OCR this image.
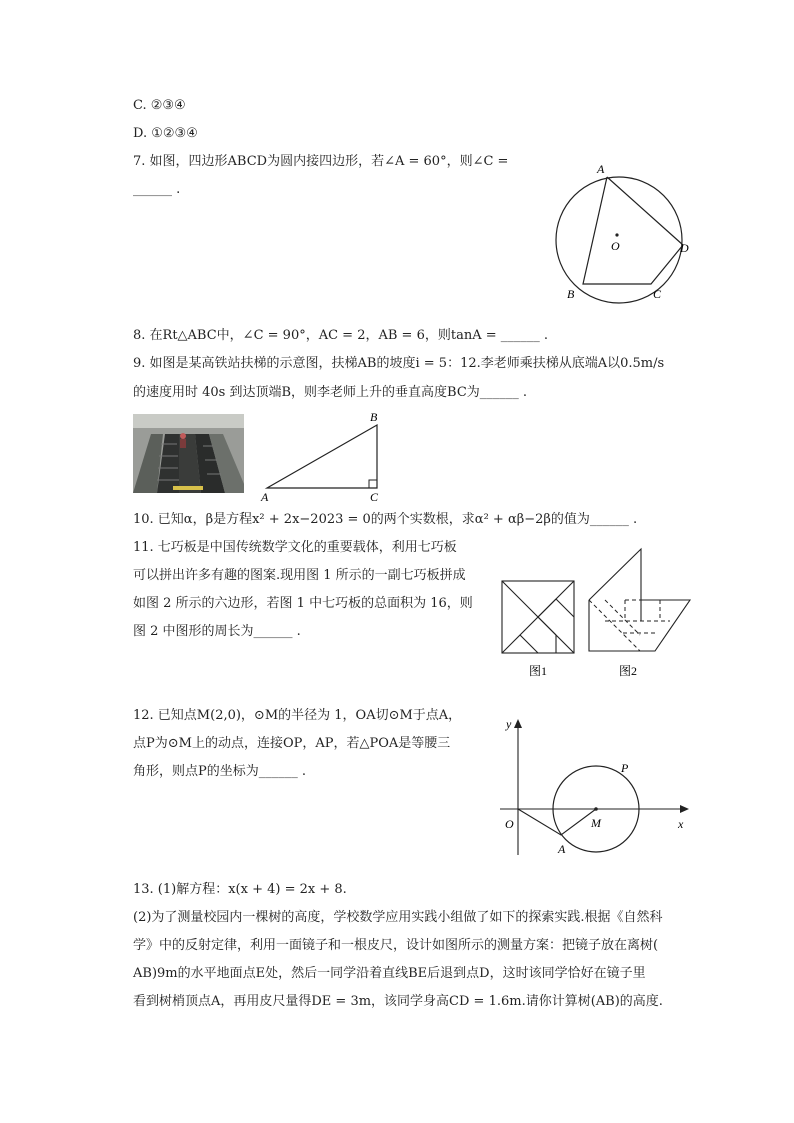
C. ②③④
D. ①②③④
7. 如图，四边形ABCD为圆内接四边形，若∠A = 60°，则∠C =
______ .
8. 在Rt△ABC中，∠C = 90°，AC = 2，AB = 6，则tanA = ______ .
9. 如图是某高铁站扶梯的示意图，扶梯AB的坡度i = 5：12.李老师乘扶梯从底端A以0.5m/s
的速度用时 40s 到达顶端B，则李老师上升的垂直高度BC为______ .
10. 已知α，β是方程x² + 2x−2023 = 0的两个实数根，求α² + αβ−2β的值为______ .
11. 七巧板是中国传统数学文化的重要载体，利用七巧板
可以拼出许多有趣的图案.现用图 1 所示的一副七巧板拼成
如图 2 所示的六边形，若图 1 中七巧板的总面积为 16，则
图 2 中图形的周长为______ .
12. 已知点M(2,0)，⊙M的半径为 1，OA切⊙M于点A，
点P为⊙M上的动点，连接OP，AP，若△POA是等腰三
角形，则点P的坐标为______ .
13. (1)解方程：x(x + 4) = 2x + 8.
(2)为了测量校园内一棵树的高度，学校数学应用实践小组做了如下的探索实践.根据《自然科
学》中的反射定律，利用一面镜子和一根皮尺，设计如图所示的测量方案：把镜子放在离树(
AB)9m的水平地面点E处，然后一同学沿着直线BE后退到点D，这时该同学恰好在镜子里
看到树梢顶点A，再用皮尺量得DE = 3m，该同学身高CD = 1.6m.请你计算树(AB)的高度.
A
B	C
D
O
B
A	C
图1	图2
y
x
O	M
A
P
